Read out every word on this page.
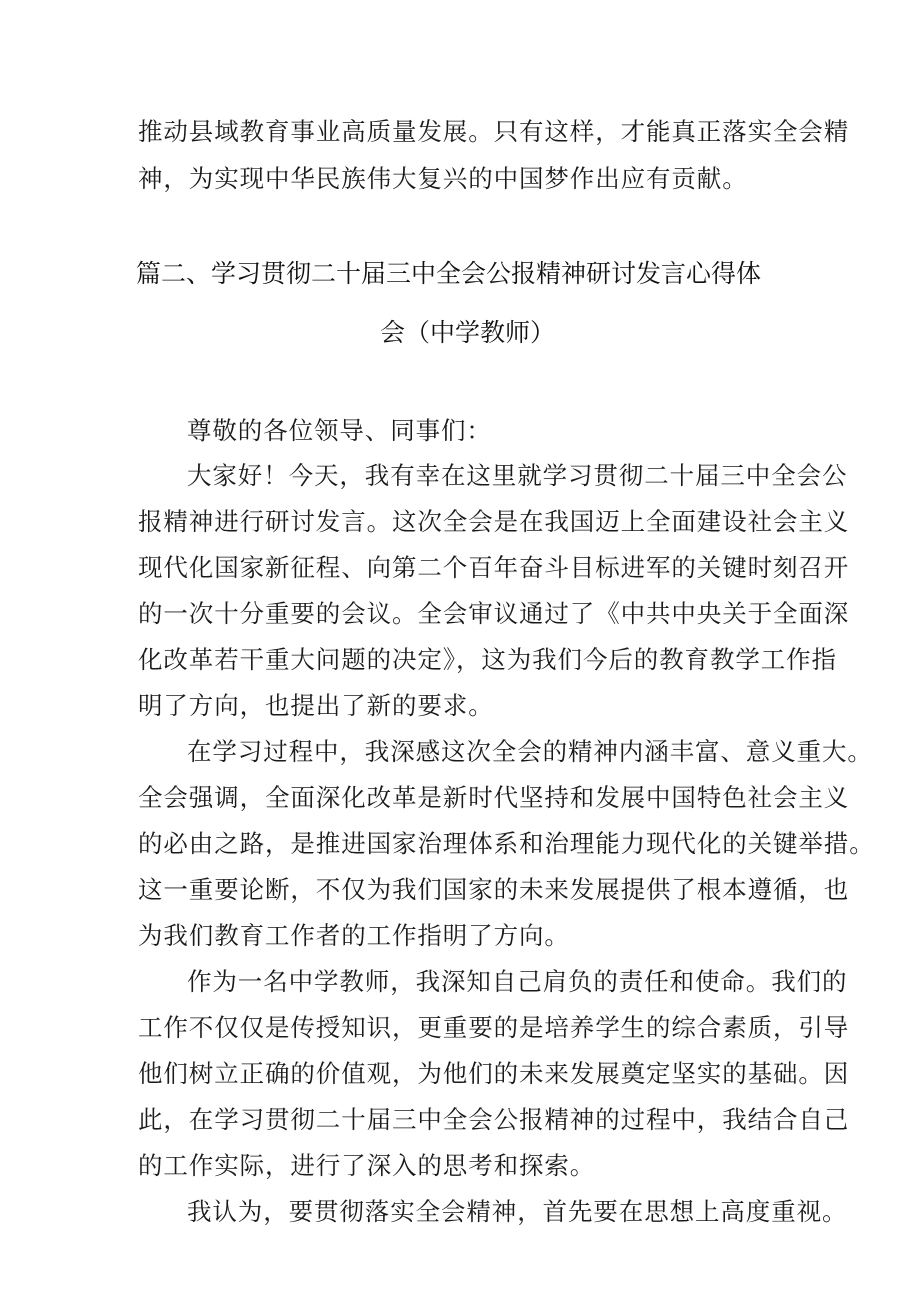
推动县域教育事业高质量发展。只有这样，才能真正落实全会精
神，为实现中华民族伟大复兴的中国梦作出应有贡献。
篇二、学习贯彻二十届三中全会公报精神研讨发言心得体
会（中学教师）
尊敬的各位领导、同事们：
大家好！今天，我有幸在这里就学习贯彻二十届三中全会公
报精神进行研讨发言。这次全会是在我国迈上全面建设社会主义
现代化国家新征程、向第二个百年奋斗目标进军的关键时刻召开
的一次十分重要的会议。全会审议通过了《中共中央关于全面深
化改革若干重大问题的决定》，这为我们今后的教育教学工作指
明了方向，也提出了新的要求。
在学习过程中，我深感这次全会的精神内涵丰富、意义重大。
全会强调，全面深化改革是新时代坚持和发展中国特色社会主义
的必由之路，是推进国家治理体系和治理能力现代化的关键举措。
这一重要论断，不仅为我们国家的未来发展提供了根本遵循，也
为我们教育工作者的工作指明了方向。
作为一名中学教师，我深知自己肩负的责任和使命。我们的
工作不仅仅是传授知识，更重要的是培养学生的综合素质，引导
他们树立正确的价值观，为他们的未来发展奠定坚实的基础。因
此，在学习贯彻二十届三中全会公报精神的过程中，我结合自己
的工作实际，进行了深入的思考和探索。
我认为，要贯彻落实全会精神，首先要在思想上高度重视。
